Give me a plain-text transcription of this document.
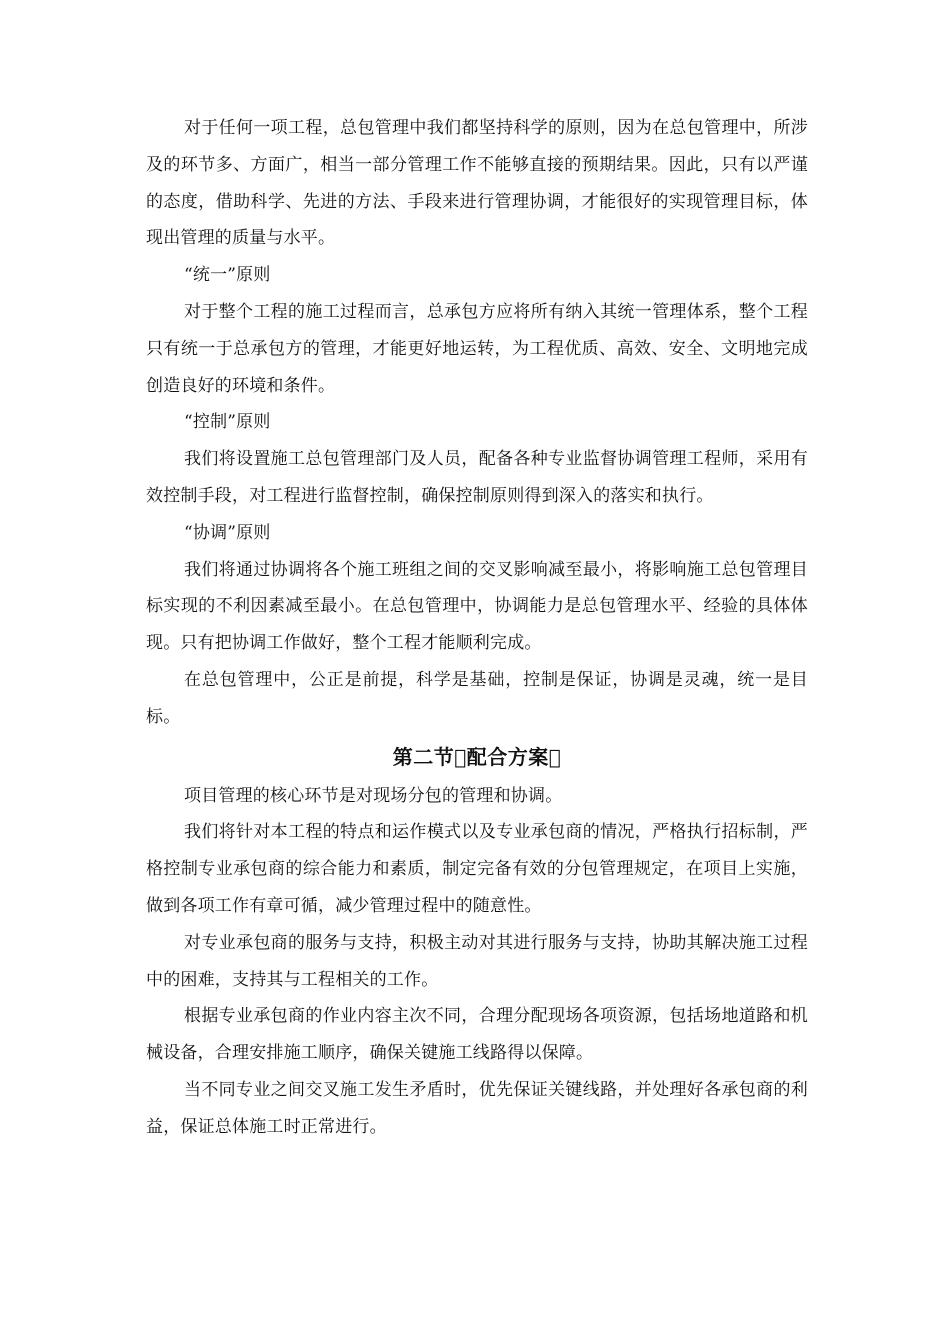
对于任何一项工程，总包管理中我们都坚持科学的原则，因为在总包管理中，所涉及的环节多、方面广，相当一部分管理工作不能够直接的预期结果。因此，只有以严谨的态度，借助科学、先进的方法、手段来进行管理协调，才能很好的实现管理目标，体现出管理的质量与水平。

“统一”原则

对于整个工程的施工过程而言，总承包方应将所有纳入其统一管理体系，整个工程只有统一于总承包方的管理，才能更好地运转，为工程优质、高效、安全、文明地完成创造良好的环境和条件。

“控制”原则

我们将设置施工总包管理部门及人员，配备各种专业监督协调管理工程师，采用有效控制手段，对工程进行监督控制，确保控制原则得到深入的落实和执行。

“协调”原则

我们将通过协调将各个施工班组之间的交叉影响减至最小，将影响施工总包管理目标实现的不利因素减至最小。在总包管理中，协调能力是总包管理水平、经验的具体体现。只有把协调工作做好，整个工程才能顺利完成。

在总包管理中，公正是前提，科学是基础，控制是保证，协调是灵魂，统一是目标。

第二节 配合方案 

项目管理的核心环节是对现场分包的管理和协调。

我们将针对本工程的特点和运作模式以及专业承包商的情况，严格执行招标制，严格控制专业承包商的综合能力和素质，制定完备有效的分包管理规定，在项目上实施，做到各项工作有章可循，减少管理过程中的随意性。

对专业承包商的服务与支持，积极主动对其进行服务与支持，协助其解决施工过程中的困难，支持其与工程相关的工作。

根据专业承包商的作业内容主次不同，合理分配现场各项资源，包括场地道路和机械设备，合理安排施工顺序，确保关键施工线路得以保障。

当不同专业之间交叉施工发生矛盾时，优先保证关键线路，并处理好各承包商的利益，保证总体施工时正常进行。
